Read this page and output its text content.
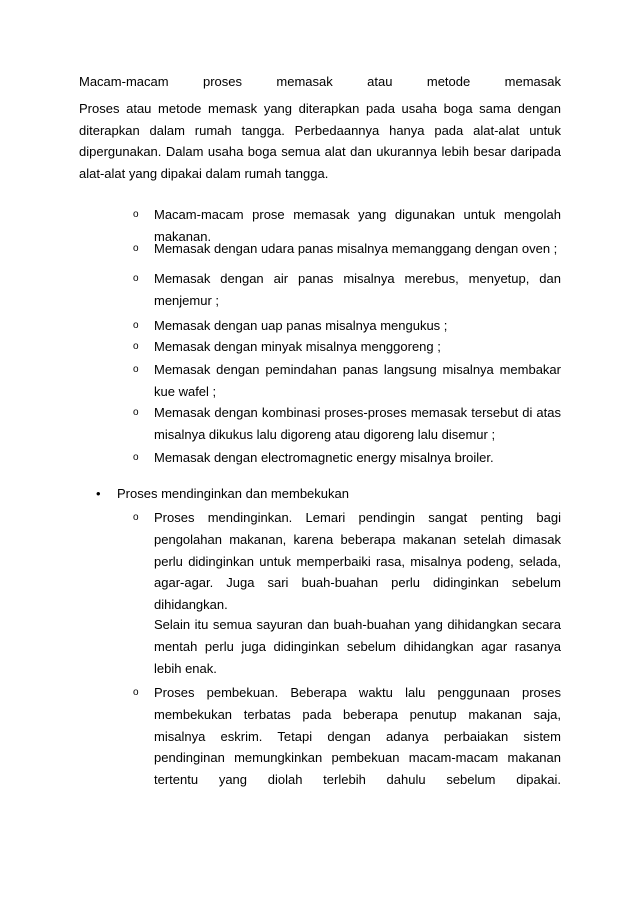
Macam-macam proses memasak atau metode memasak
Proses atau metode memask yang diterapkan pada usaha boga sama dengan diterapkan dalam rumah tangga. Perbedaannya hanya pada alat-alat untuk dipergunakan. Dalam usaha boga semua alat dan ukurannya lebih besar daripada alat-alat yang dipakai dalam rumah tangga.
o	Macam-macam prose memasak yang digunakan untuk mengolah makanan.
o	Memasak dengan udara panas misalnya memanggang dengan oven ;
o	Memasak dengan air panas misalnya merebus, menyetup, dan menjemur ;
o	Memasak dengan uap panas misalnya mengukus ;
o	Memasak dengan minyak misalnya menggoreng ;
o	Memasak dengan pemindahan panas langsung misalnya membakar kue wafel ;
o	Memasak dengan kombinasi proses-proses memasak tersebut di atas misalnya dikukus lalu digoreng atau digoreng lalu disemur ;
o	Memasak dengan electromagnetic energy misalnya broiler.
• Proses mendinginkan dan membekukan
o	Proses mendinginkan. Lemari pendingin sangat penting bagi pengolahan makanan, karena beberapa makanan setelah dimasak perlu didinginkan untuk memperbaiki rasa, misalnya podeng, selada, agar-agar. Juga sari buah-buahan perlu didinginkan sebelum dihidangkan.
Selain itu semua sayuran dan buah-buahan yang dihidangkan secara mentah perlu juga didinginkan sebelum dihidangkan agar rasanya lebih enak.
o	Proses pembekuan. Beberapa waktu lalu penggunaan proses membekukan terbatas pada beberapa penutup makanan saja, misalnya eskrim. Tetapi dengan adanya perbaiakan sistem pendinginan memungkinkan pembekuan macam-macam makanan tertentu yang diolah terlebih dahulu sebelum dipakai.
